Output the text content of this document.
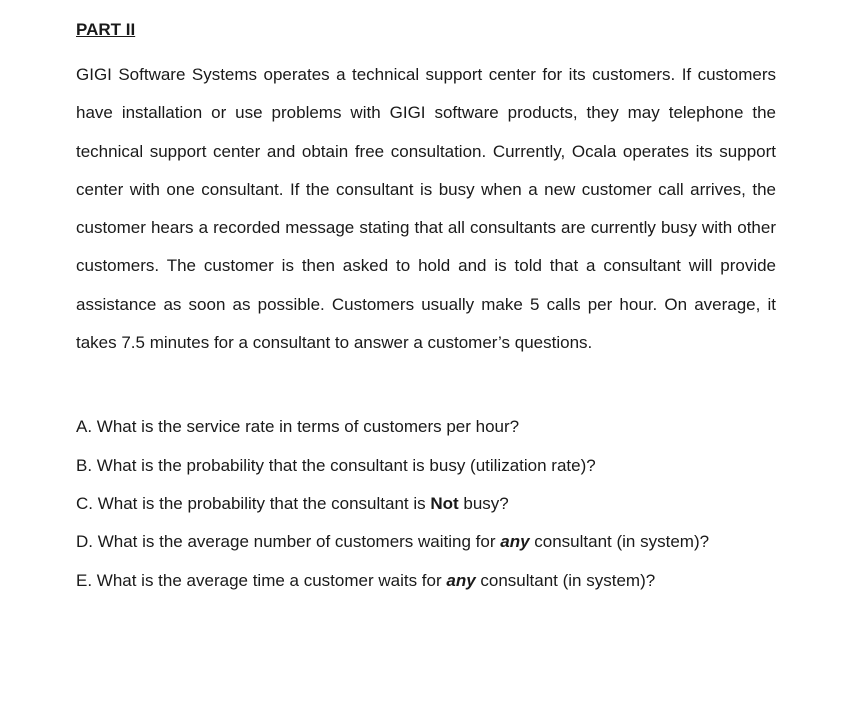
PART II

GIGI Software Systems operates a technical support center for its customers. If customers have installation or use problems with GIGI software products, they may telephone the technical support center and obtain free consultation. Currently, Ocala operates its support center with one consultant. If the consultant is busy when a new customer call arrives, the customer hears a recorded message stating that all consultants are currently busy with other customers. The customer is then asked to hold and is told that a consultant will provide assistance as soon as possible. Customers usually make 5 calls per hour. On average, it takes 7.5 minutes for a consultant to answer a customer’s questions.

A. What is the service rate in terms of customers per hour?
B. What is the probability that the consultant is busy (utilization rate)?
C. What is the probability that the consultant is Not busy?
D. What is the average number of customers waiting for any consultant (in system)?
E. What is the average time a customer waits for any consultant (in system)?
